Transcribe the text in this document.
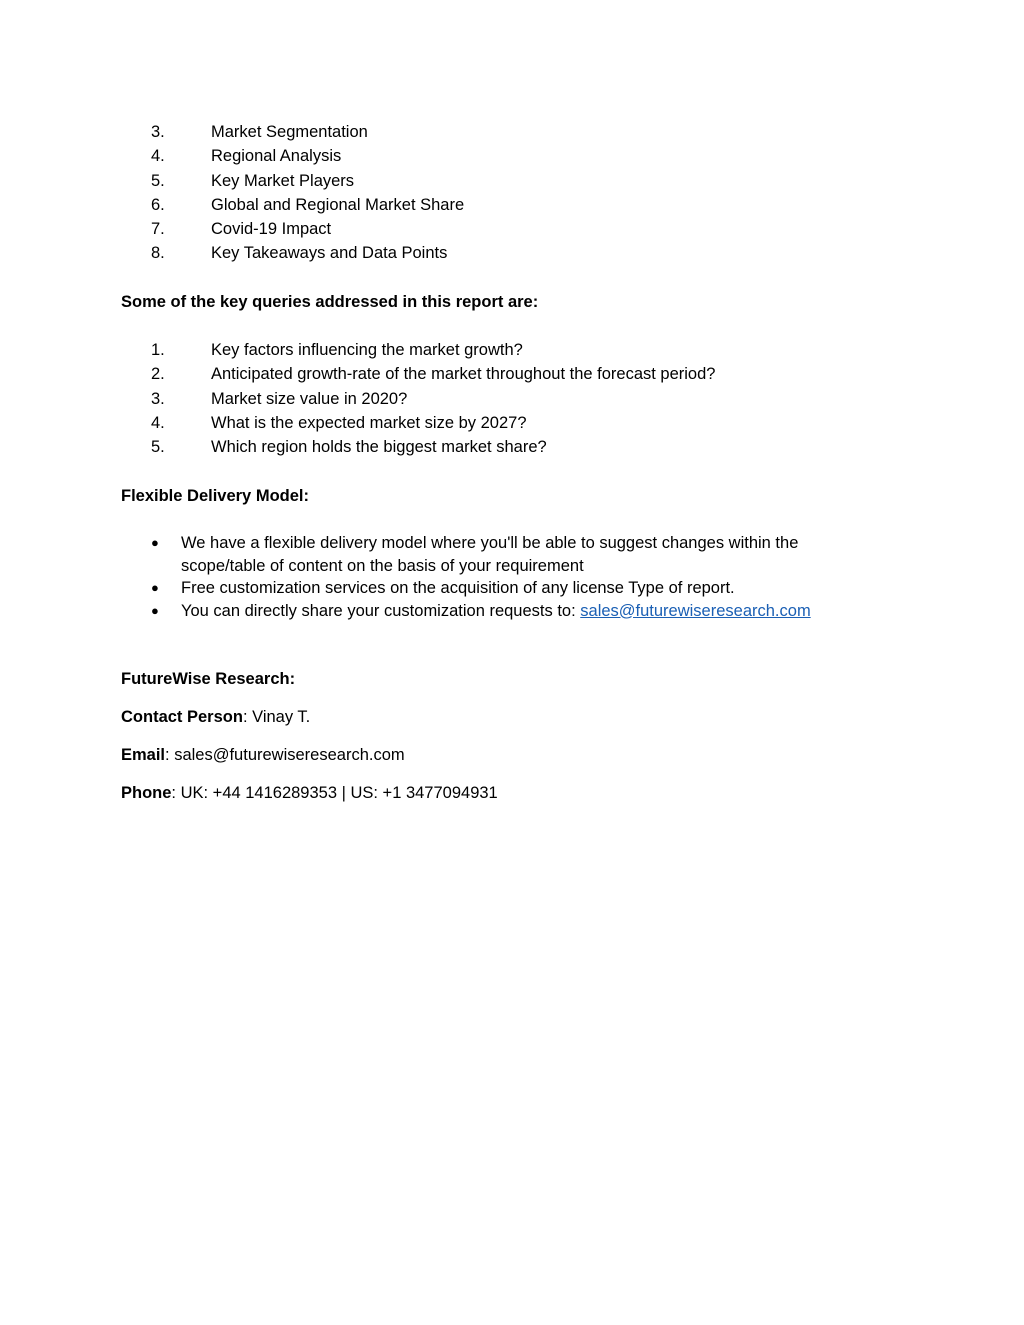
3.	Market Segmentation
4.	Regional Analysis
5.	Key Market Players
6.	Global and Regional Market Share
7.	Covid-19 Impact
8.	Key Takeaways and Data Points
Some of the key queries addressed in this report are:
1.	Key factors influencing the market growth?
2.	Anticipated growth-rate of the market throughout the forecast period?
3.	Market size value in 2020?
4.	What is the expected market size by 2027?
5.	Which region holds the biggest market share?
Flexible Delivery Model:
● We have a flexible delivery model where you'll be able to suggest changes within the scope/table of content on the basis of your requirement
● Free customization services on the acquisition of any license Type of report.
● You can directly share your customization requests to: sales@futurewiseresearch.com
FutureWise Research:
Contact Person: Vinay T.
Email: sales@futurewiseresearch.com
Phone: UK: +44 1416289353 | US: +1 3477094931
